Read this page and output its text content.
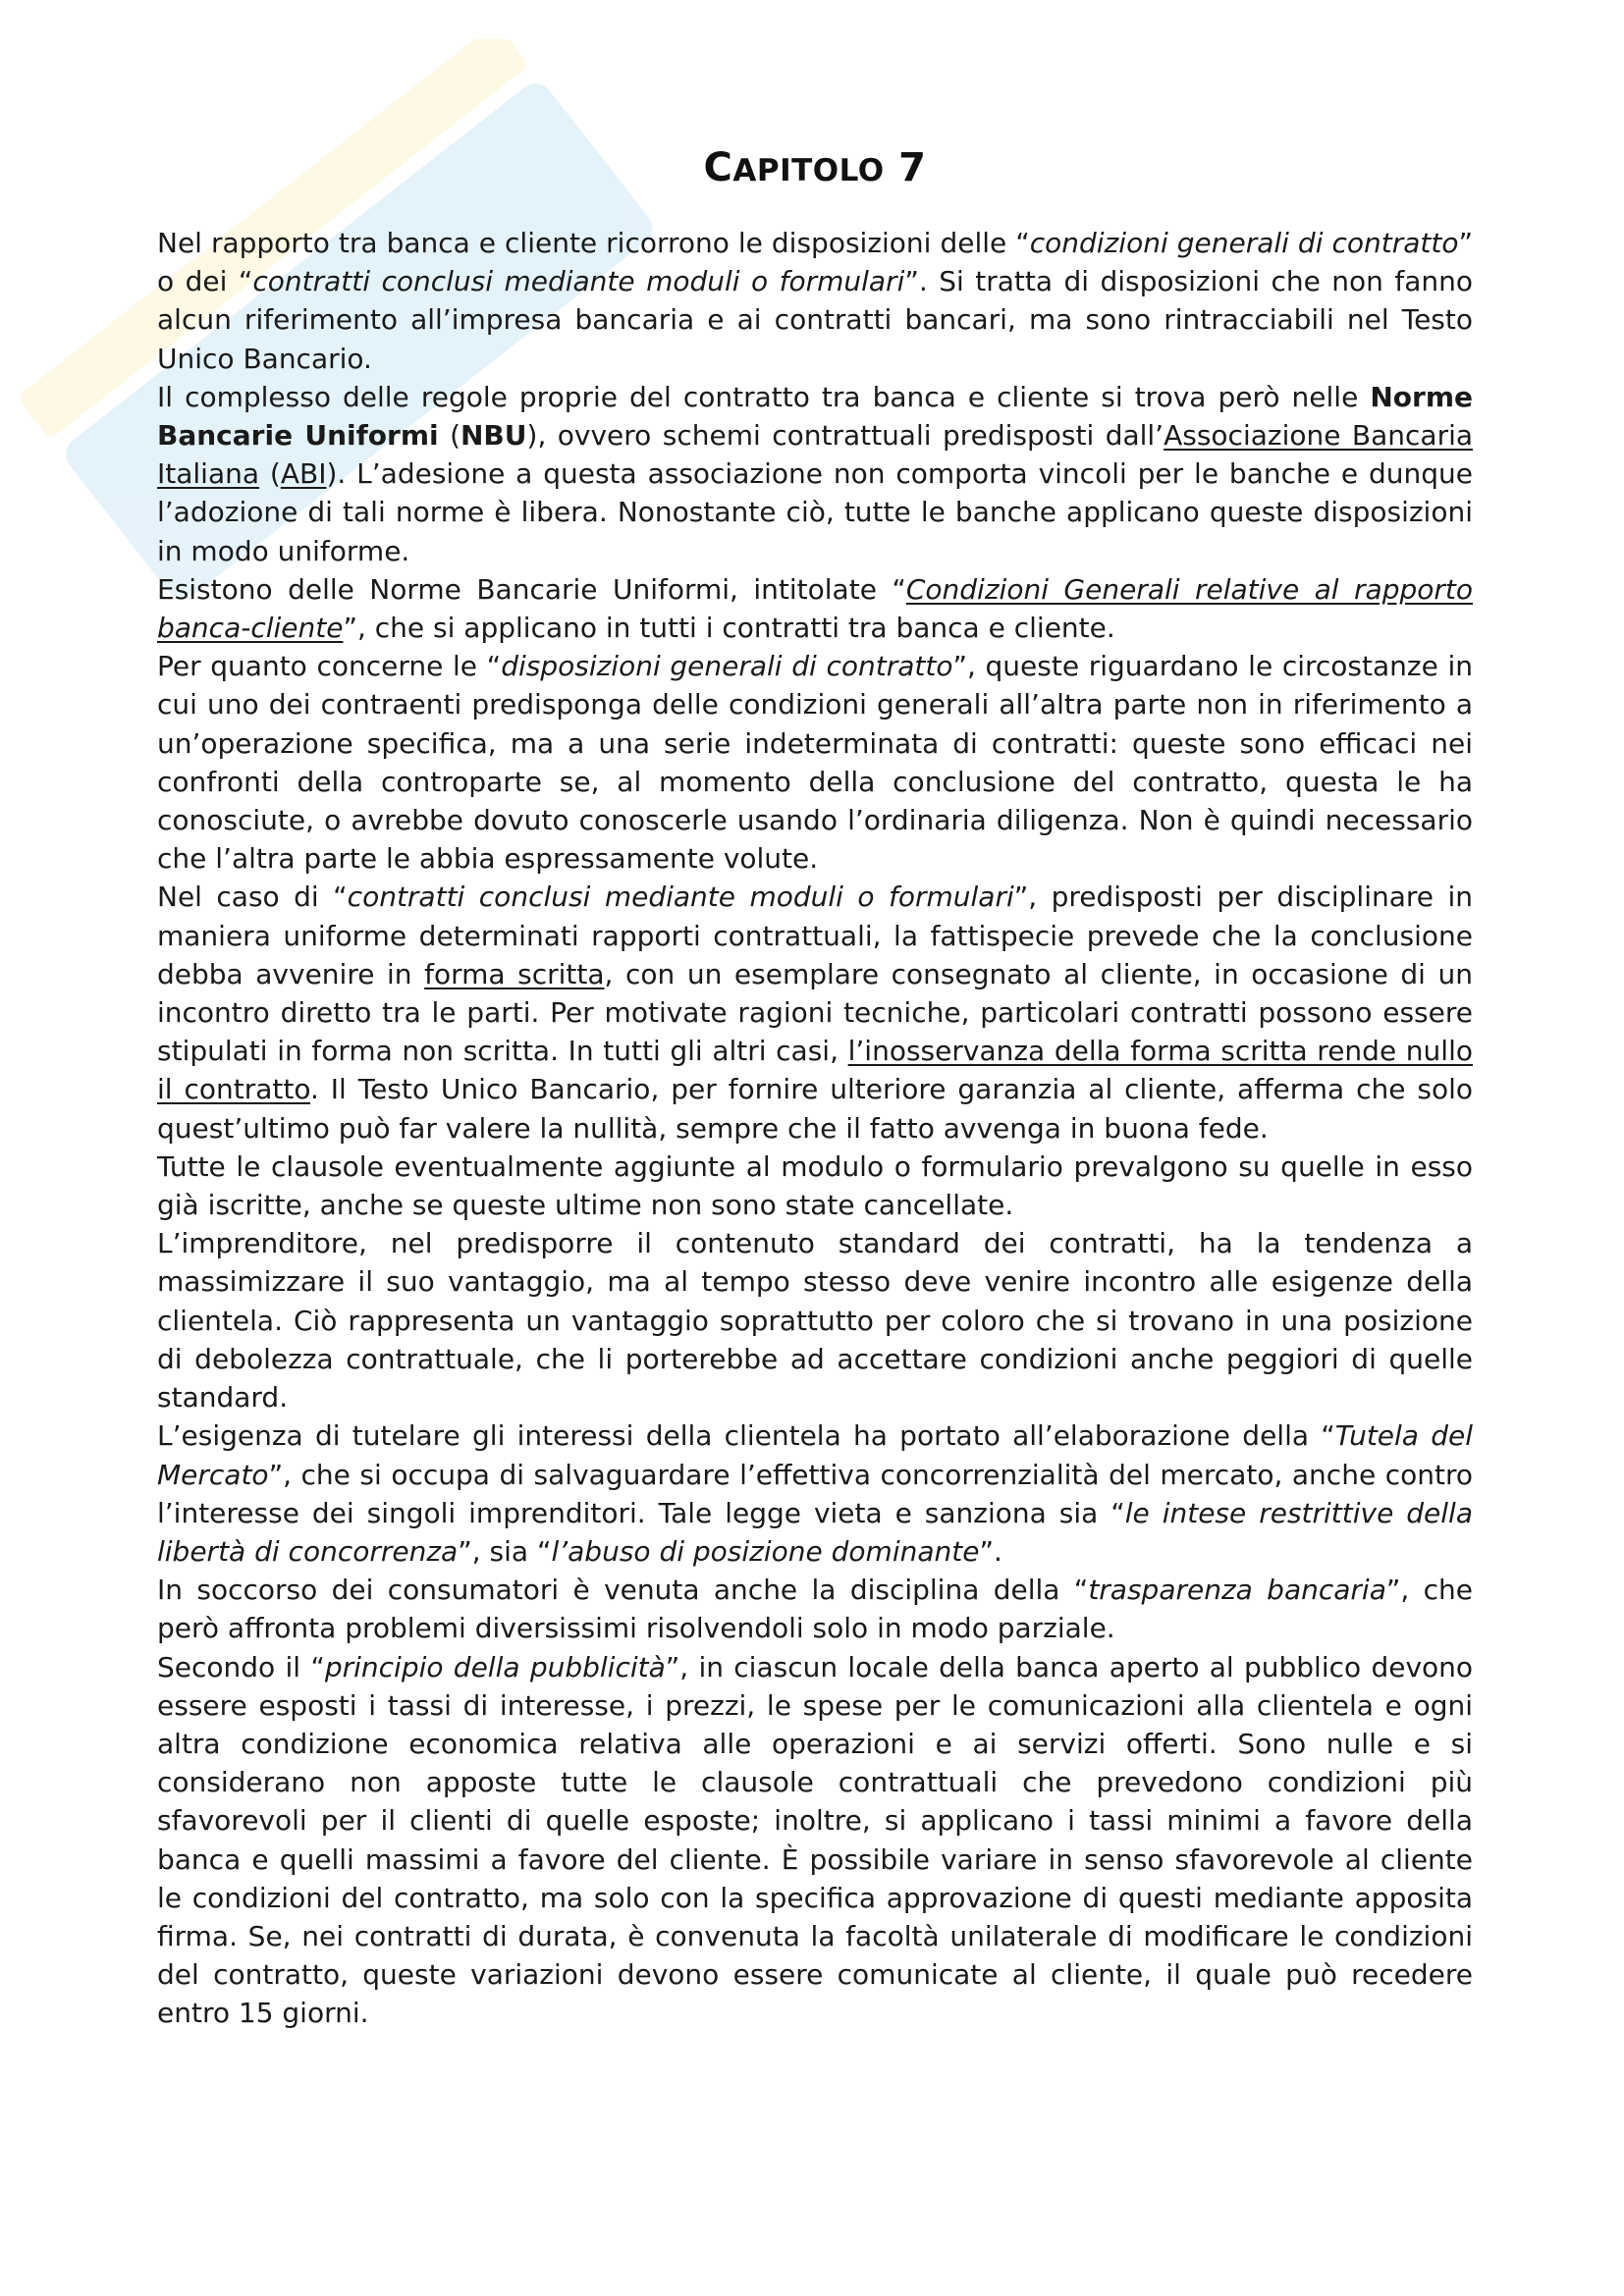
CAPITOLO 7

Nel rapporto tra banca e cliente ricorrono le disposizioni delle “condizioni generali di contratto” o dei “contratti conclusi mediante moduli o formulari”. Si tratta di disposizioni che non fanno alcun riferimento all’impresa bancaria e ai contratti bancari, ma sono rintracciabili nel Testo Unico Bancario.

Il complesso delle regole proprie del contratto tra banca e cliente si trova però nelle Norme Bancarie Uniformi (NBU), ovvero schemi contrattuali predisposti dall’Associazione Bancaria Italiana (ABI). L’adesione a questa associazione non comporta vincoli per le banche e dunque l’adozione di tali norme è libera. Nonostante ciò, tutte le banche applicano queste disposizioni in modo uniforme.

Esistono delle Norme Bancarie Uniformi, intitolate “Condizioni Generali relative al rapporto banca-cliente”, che si applicano in tutti i contratti tra banca e cliente.

Per quanto concerne le “disposizioni generali di contratto”, queste riguardano le circostanze in cui uno dei contraenti predisponga delle condizioni generali all’altra parte non in riferimento a un’operazione specifica, ma a una serie indeterminata di contratti: queste sono efficaci nei confronti della controparte se, al momento della conclusione del contratto, questa le ha conosciute, o avrebbe dovuto conoscerle usando l’ordinaria diligenza. Non è quindi necessario che l’altra parte le abbia espressamente volute.

Nel caso di “contratti conclusi mediante moduli o formulari”, predisposti per disciplinare in maniera uniforme determinati rapporti contrattuali, la fattispecie prevede che la conclusione debba avvenire in forma scritta, con un esemplare consegnato al cliente, in occasione di un incontro diretto tra le parti. Per motivate ragioni tecniche, particolari contratti possono essere stipulati in forma non scritta. In tutti gli altri casi, l’inosservanza della forma scritta rende nullo il contratto. Il Testo Unico Bancario, per fornire ulteriore garanzia al cliente, afferma che solo quest’ultimo può far valere la nullità, sempre che il fatto avvenga in buona fede.

Tutte le clausole eventualmente aggiunte al modulo o formulario prevalgono su quelle in esso già iscritte, anche se queste ultime non sono state cancellate.

L’imprenditore, nel predisporre il contenuto standard dei contratti, ha la tendenza a massimizzare il suo vantaggio, ma al tempo stesso deve venire incontro alle esigenze della clientela. Ciò rappresenta un vantaggio soprattutto per coloro che si trovano in una posizione di debolezza contrattuale, che li porterebbe ad accettare condizioni anche peggiori di quelle standard.

L’esigenza di tutelare gli interessi della clientela ha portato all’elaborazione della “Tutela del Mercato”, che si occupa di salvaguardare l’effettiva concorrenzialità del mercato, anche contro l’interesse dei singoli imprenditori. Tale legge vieta e sanziona sia “le intese restrittive della libertà di concorrenza”, sia “l’abuso di posizione dominante”.

In soccorso dei consumatori è venuta anche la disciplina della “trasparenza bancaria”, che però affronta problemi diversissimi risolvendoli solo in modo parziale.

Secondo il “principio della pubblicità”, in ciascun locale della banca aperto al pubblico devono essere esposti i tassi di interesse, i prezzi, le spese per le comunicazioni alla clientela e ogni altra condizione economica relativa alle operazioni e ai servizi offerti. Sono nulle e si considerano non apposte tutte le clausole contrattuali che prevedono condizioni più sfavorevoli per il clienti di quelle esposte; inoltre, si applicano i tassi minimi a favore della banca e quelli massimi a favore del cliente. È possibile variare in senso sfavorevole al cliente le condizioni del contratto, ma solo con la specifica approvazione di questi mediante apposita firma. Se, nei contratti di durata, è convenuta la facoltà unilaterale di modificare le condizioni del contratto, queste variazioni devono essere comunicate al cliente, il quale può recedere entro 15 giorni.
